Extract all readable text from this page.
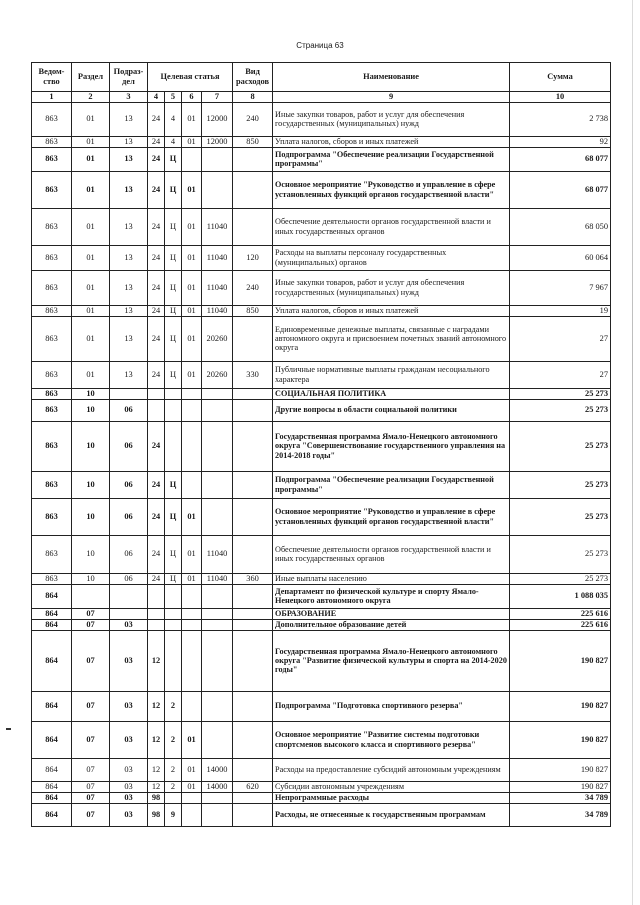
Страница 63
Ведом-ство	Раздел	Подраз-дел	Целевая статья				Вид расходов	Наименование	Сумма
1	2	3	4	5	6	7	8	9	10
863	01	13	24	4	01	12000	240	Иные закупки товаров, работ и услуг для обеспечения государственных (муниципальных) нужд	2 738
863	01	13	24	4	01	12000	850	Уплата налогов, сборов и иных платежей	92
863	01	13	24	Ц				Подпрограмма "Обеспечение реализации Государственной программы"	68 077
863	01	13	24	Ц	01			Основное мероприятие "Руководство и управление в сфере установленных функций органов государственной власти"	68 077
863	01	13	24	Ц	01	11040		Обеспечение деятельности органов государственной власти и иных государственных органов	68 050
863	01	13	24	Ц	01	11040	120	Расходы на выплаты персоналу государственных (муниципальных) органов	60 064
863	01	13	24	Ц	01	11040	240	Иные закупки товаров, работ и услуг для обеспечения государственных (муниципальных) нужд	7 967
863	01	13	24	Ц	01	11040	850	Уплата налогов, сборов и иных платежей	19
863	01	13	24	Ц	01	20260		Единовременные денежные выплаты, связанные с наградами автономного округа и присвоением почетных званий автономного округа	27
863	01	13	24	Ц	01	20260	330	Публичные нормативные выплаты гражданам несоциального характера	27
863	10							СОЦИАЛЬНАЯ ПОЛИТИКА	25 273
863	10	06						Другие вопросы в области социальной политики	25 273
863	10	06	24					Государственная программа Ямало-Ненецкого автономного округа "Совершенствование государственного управления на 2014-2018 годы"	25 273
863	10	06	24	Ц				Подпрограмма "Обеспечение реализации Государственной программы"	25 273
863	10	06	24	Ц	01			Основное мероприятие "Руководство и управление в сфере установленных функций органов государственной власти"	25 273
863	10	06	24	Ц	01	11040		Обеспечение деятельности органов государственной власти и иных государственных органов	25 273
863	10	06	24	Ц	01	11040	360	Иные выплаты населению	25 273
864								Департамент по физической культуре и спорту Ямало-Ненецкого автономного округа	1 088 035
864	07							ОБРАЗОВАНИЕ	225 616
864	07	03						Дополнительное образование детей	225 616
864	07	03	12					Государственная программа Ямало-Ненецкого автономного округа "Развитие физической культуры и спорта на 2014-2020 годы"	190 827
864	07	03	12	2				Подпрограмма "Подготовка спортивного резерва"	190 827
864	07	03	12	2	01			Основное мероприятие "Развитие системы подготовки спортсменов высокого класса и спортивного резерва"	190 827
864	07	03	12	2	01	14000		Расходы на предоставление субсидий автономным учреждениям	190 827
864	07	03	12	2	01	14000	620	Субсидии автономным учреждениям	190 827
864	07	03	98					Непрограммные расходы	34 789
864	07	03	98	9				Расходы, не отнесенные к государственным программам	34 789
